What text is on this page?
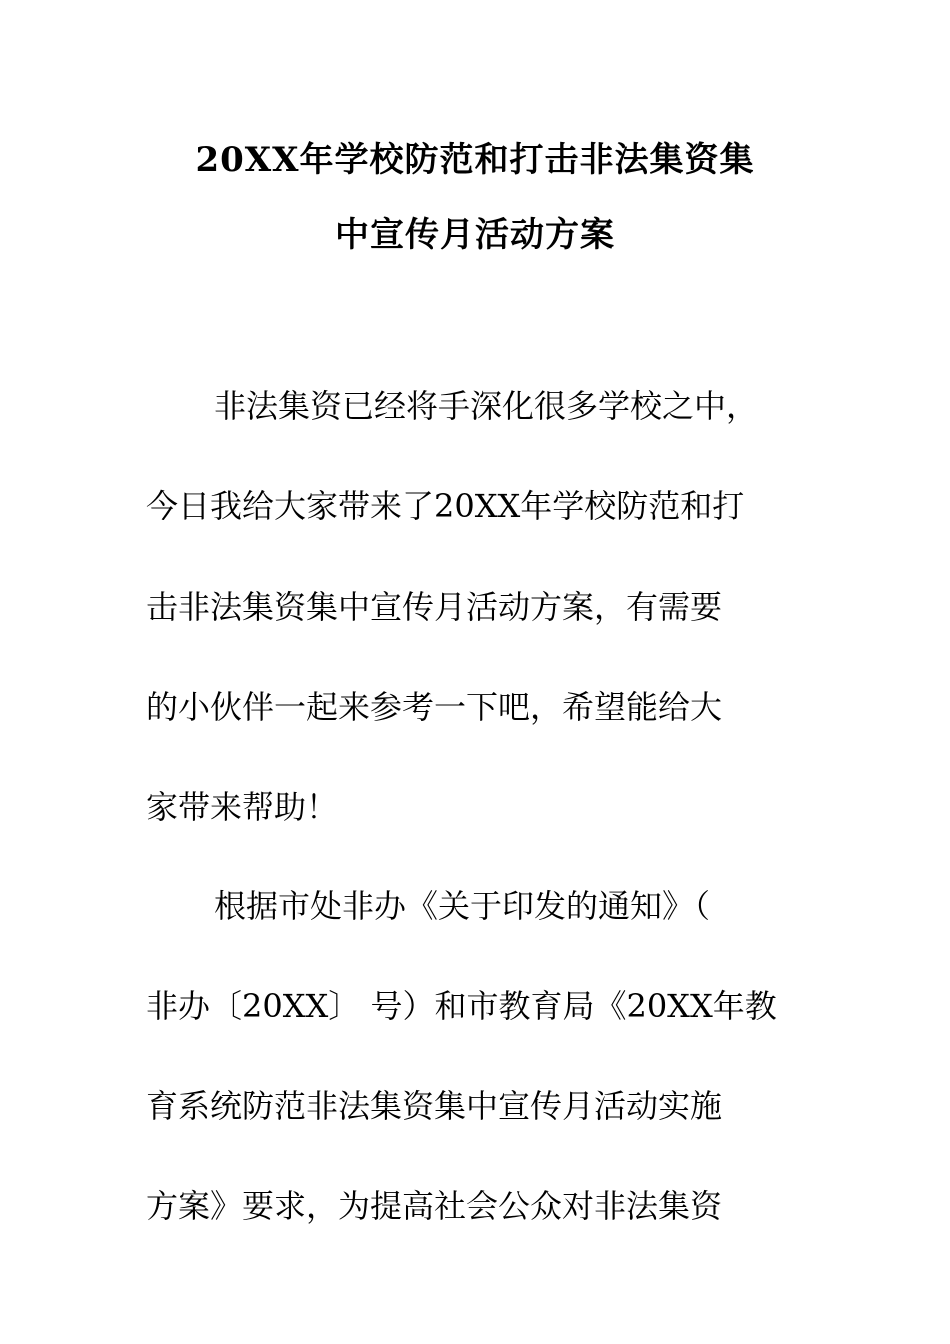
20XX年学校防范和打击非法集资集
中宣传月活动方案
非法集资已经将手深化很多学校之中，
今日我给大家带来了20XX年学校防范和打
击非法集资集中宣传月活动方案，有需要
的小伙伴一起来参考一下吧，希望能给大
家带来帮助！
根据市处非办《关于印发的通知》（
非办〔20XX〕 号）和市教育局《20XX年教
育系统防范非法集资集中宣传月活动实施
方案》要求，为提高社会公众对非法集资
